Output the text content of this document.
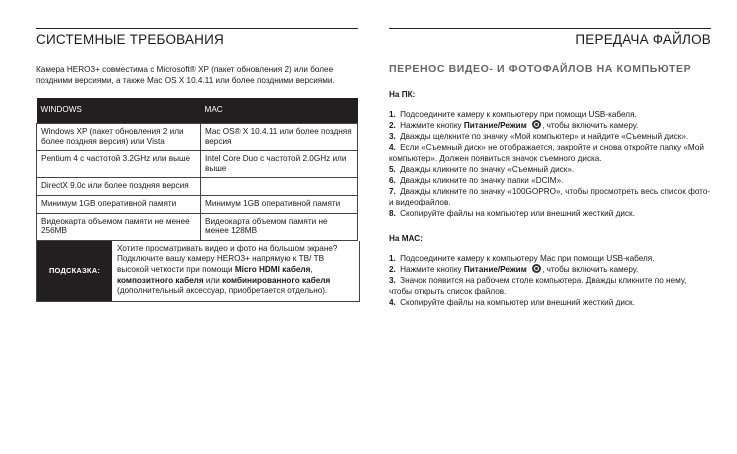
СИСТЕМНЫЕ ТРЕБОВАНИЯ
Камера HERO3+ совместима с Microsoft® XP (пакет обновления 2) или более поздними версиями, а также Mac OS X 10.4.11 или более поздними версиями.
WINDOWS	MAC
Windows XP (пакет обновления 2 или более поздняя версия) или Vista	Mac OS® X 10.4.11 или более поздняя версия
Pentium 4 с частотой 3.2GHz или выше	Intel Core Duo с частотой 2.0GHz или выше
DirectX 9.0c или более поздняя версия	
Минимум 1GB оперативной памяти	Минимум 1GB оперативной памяти
Видеокарта объемом памяти не менее 256MB	Видеокарта объемом памяти не менее 128MB
ПОДСКАЗКА:
Хотите просматривать видео и фото на большом экране? Подключите вашу камеру HERO3+ напрямую к ТВ/ ТВ высокой четкости при помощи Micro HDMI кабеля, композитного кабеля или комбинированного кабеля (дополнительный аксессуар, приобретается отдельно).
ПЕРЕДАЧА ФАЙЛОВ
ПЕРЕНОС ВИДЕО- И ФОТОФАЙЛОВ НА КОМПЬЮТЕР
На ПК:
1. Подсоедините камеру к компьютеру при помощи USB-кабеля.
2. Нажмите кнопку Питание/Режим , чтобы включить камеру.
3. Дважды щелкните по значку «Мой компьютер» и найдите «Съемный диск».
4. Если «Съемный диск» не отображается, закройте и снова откройте папку «Мой компьютер». Должен появиться значок съемного диска.
5. Дважды кликните по значку «Съемный диск».
6. Дважды кликните по значку папки «DCIM».
7. Дважды кликните по значку «100GOPRO», чтобы просмотреть весь список фото- и видеофайлов.
8. Скопируйте файлы на компьютер или внешний жесткий диск.
На МАС:
1. Подсоедините камеру к компьютеру Mac при помощи USB-кабеля.
2. Нажмите кнопку Питание/Режим , чтобы включить камеру.
3. Значок появится на рабочем столе компьютера. Дважды кликните по нему, чтобы открыть список файлов.
4. Скопируйте файлы на компьютер или внешний жесткий диск.
